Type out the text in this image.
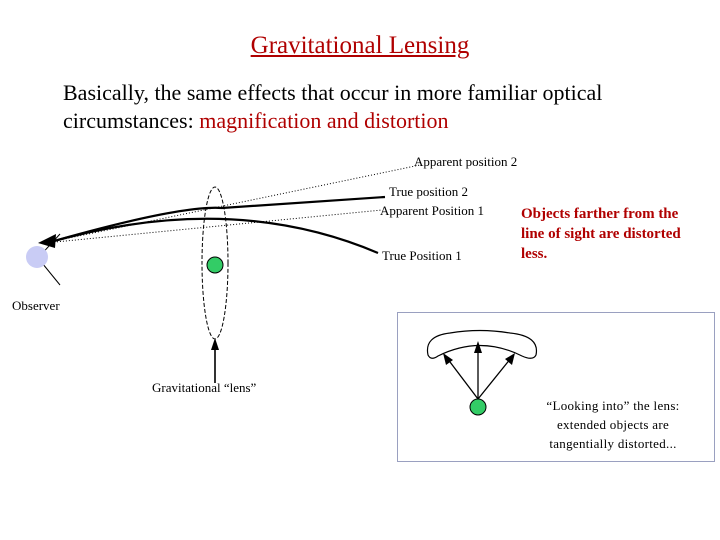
Gravitational Lensing
Basically, the same effects that occur in more familiar optical circumstances: magnification and distortion
Apparent position 2
True position 2
Apparent Position 1
True Position 1
Observer
Gravitational “lens”
Objects farther from the line of sight are distorted less.
“Looking into” the lens:
extended objects are
tangentially distorted...
